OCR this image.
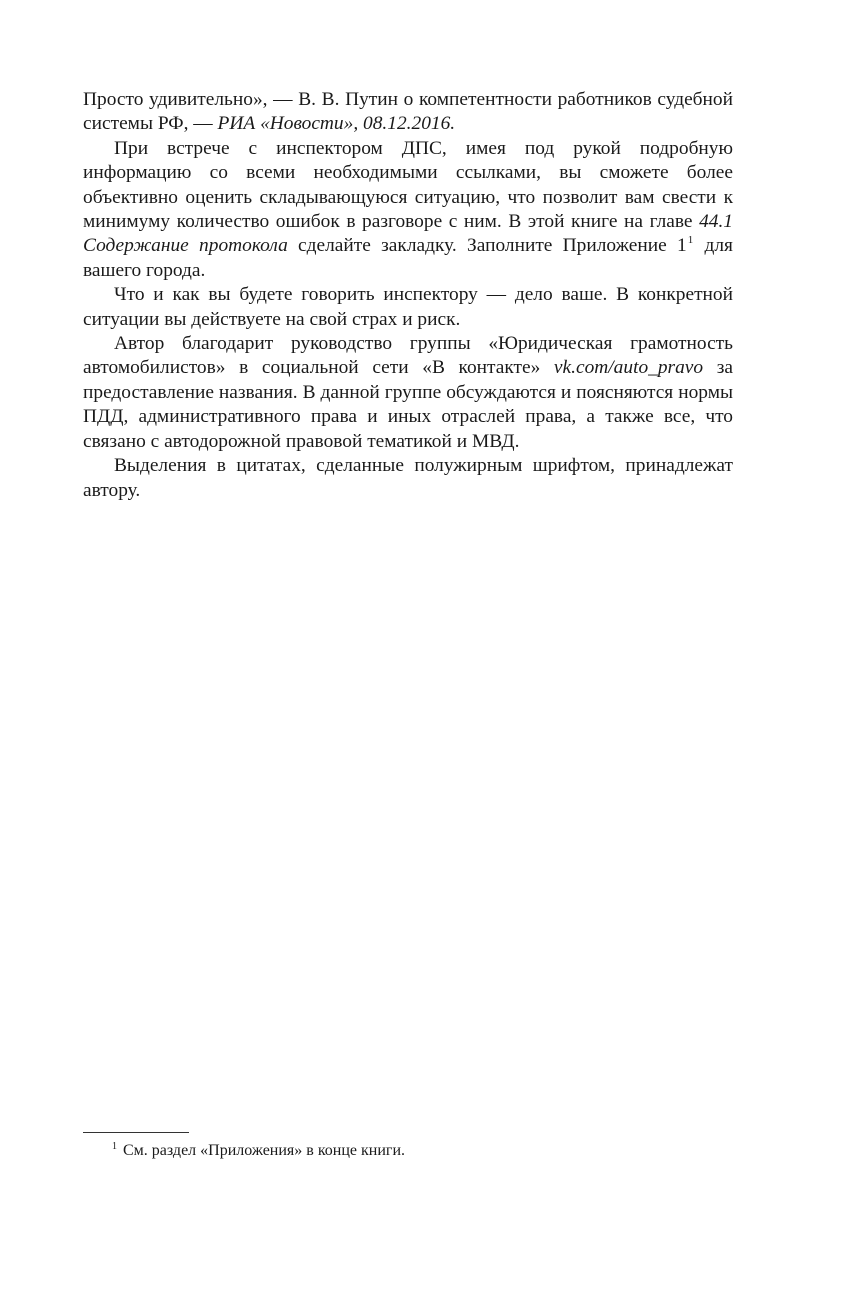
Просто удивительно», — В. В. Путин о компетентности работников судебной системы РФ, — РИА «Новости», 08.12.2016.

При встрече с инспектором ДПС, имея под рукой подробную информацию со всеми необходимыми ссылками, вы сможете более объективно оценить складывающуюся ситуацию, что позволит вам свести к минимуму количество ошибок в разговоре с ним. В этой книге на главе 44.1 Содержание протокола сделайте закладку. Заполните Приложение 1$^1$ для вашего города.

Что и как вы будете говорить инспектору — дело ваше. В конкретной ситуации вы действуете на свой страх и риск.

Автор благодарит руководство группы «Юридическая грамотность автомобилистов» в социальной сети «В контакте» vk.com/auto_pravo за предоставление названия. В данной группе обсуждаются и поясняются нормы ПДД, административного права и иных отраслей права, а также все, что связано с автодорожной правовой тематикой и МВД.

Выделения в цитатах, сделанные полужирным шрифтом, принадлежат автору.

$^1$ См. раздел «Приложения» в конце книги.
